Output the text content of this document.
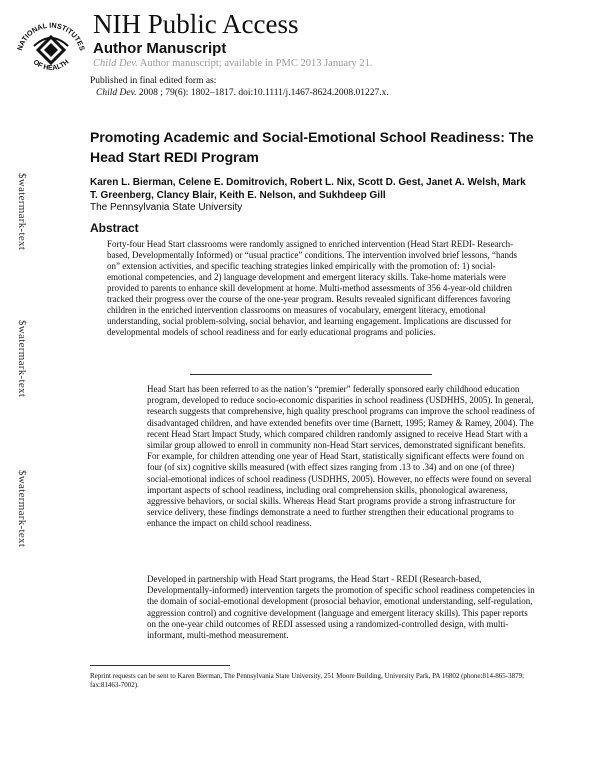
NATIONAL INSTITUTES
OF HEALTH
NIH Public Access
Author Manuscript
Child Dev. Author manuscript; available in PMC 2013 January 21.
Published in final edited form as:
Child Dev. 2008 ; 79(6): 1802–1817. doi:10.1111/j.1467-8624.2008.01227.x.
$watermark-text
$watermark-text
$watermark-text
Promoting Academic and Social-Emotional School Readiness: The Head Start REDI Program
Karen L. Bierman, Celene E. Domitrovich, Robert L. Nix, Scott D. Gest, Janet A. Welsh, Mark T. Greenberg, Clancy Blair, Keith E. Nelson, and Sukhdeep Gill
The Pennsylvania State University
Abstract

Forty-four Head Start classrooms were randomly assigned to enriched intervention (Head Start REDI- Research-based, Developmentally Informed) or “usual practice” conditions. The intervention involved brief lessons, “hands on” extension activities, and specific teaching strategies linked empirically with the promotion of: 1) social-emotional competencies, and 2) language development and emergent literacy skills. Take-home materials were provided to parents to enhance skill development at home. Multi-method assessments of 356 4-year-old children tracked their progress over the course of the one-year program. Results revealed significant differences favoring children in the enriched intervention classrooms on measures of vocabulary, emergent literacy, emotional understanding, social problem-solving, social behavior, and learning engagement. Implications are discussed for developmental models of school readiness and for early educational programs and policies.

Head Start has been referred to as the nation’s “premier” federally sponsored early childhood education program, developed to reduce socio-economic disparities in school readiness (USDHHS, 2005). In general, research suggests that comprehensive, high quality preschool programs can improve the school readiness of disadvantaged children, and have extended benefits over time (Barnett, 1995; Ramey & Ramey, 2004). The recent Head Start Impact Study, which compared children randomly assigned to receive Head Start with a similar group allowed to enroll in community non-Head Start services, demonstrated significant benefits. For example, for children attending one year of Head Start, statistically significant effects were found on four (of six) cognitive skills measured (with effect sizes ranging from .13 to .34) and on one (of three) social-emotional indices of school readiness (USDHHS, 2005). However, no effects were found on several important aspects of school readiness, including oral comprehension skills, phonological awareness, aggressive behaviors, or social skills. Whereas Head Start programs provide a strong infrastructure for service delivery, these findings demonstrate a need to further strengthen their educational programs to enhance the impact on child school readiness.

Developed in partnership with Head Start programs, the Head Start - REDI (Research-based, Developmentally-informed) intervention targets the promotion of specific school readiness competencies in the domain of social-emotional development (prosocial behavior, emotional understanding, self-regulation, aggression control) and cognitive development (language and emergent literacy skills). This paper reports on the one-year child outcomes of REDI assessed using a randomized-controlled design, with multi-informant, multi-method measurement.

Reprint requests can be sent to Karen Bierman, The Pennsylvania State University, 251 Moore Building, University Park, PA 16802 (phone:814-865-3879; fax:81463-7002).
